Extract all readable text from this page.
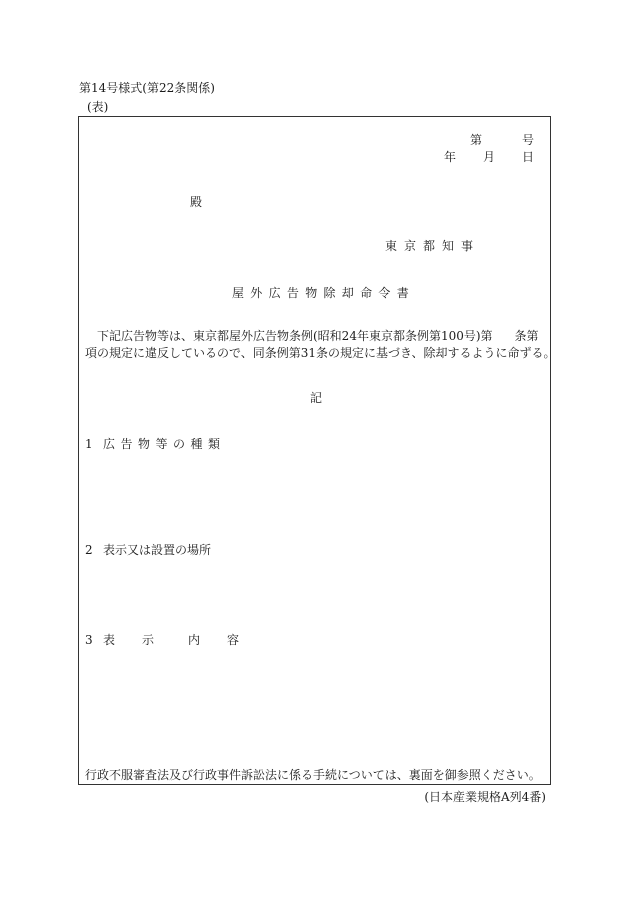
第14号様式(第22条関係)
(表)
第	号
年 月 日
殿
東京都知事
屋外広告物除却命令書
下記広告物等は、東京都屋外広告物条例(昭和24年東京都条例第100号)第 条第
項の規定に違反しているので、同条例第31条の規定に基づき、除却するように命ずる。
記
1 広告物等の種類
2 表示又は設置の場所
3 表 示	内 容
行政不服審査法及び行政事件訴訟法に係る手続については、裏面を御参照ください。
(日本産業規格A列4番)
